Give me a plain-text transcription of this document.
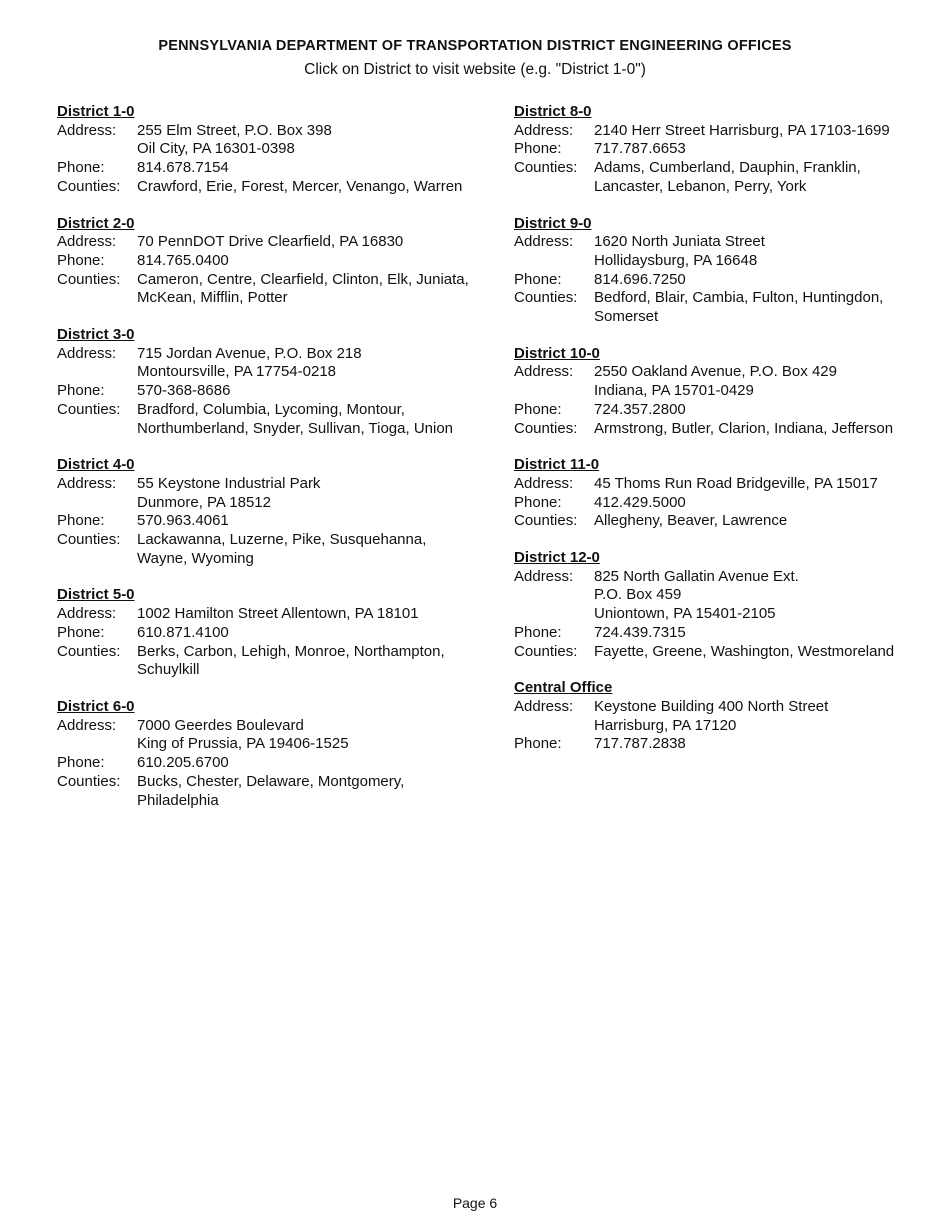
PENNSYLVANIA DEPARTMENT OF TRANSPORTATION DISTRICT ENGINEERING OFFICES
Click on District to visit website (e.g. "District 1-0")
District 1-0
Address:	255 Elm Street, P.O. Box 398
Oil City, PA 16301-0398
Phone:	814.678.7154
Counties:	Crawford, Erie, Forest, Mercer, Venango, Warren
District 2-0
Address:	70 PennDOT Drive Clearfield, PA 16830
Phone:	814.765.0400
Counties:	Cameron, Centre, Clearfield, Clinton, Elk, Juniata, McKean, Mifflin, Potter
District 3-0
Address:	715 Jordan Avenue, P.O. Box 218
Montoursville, PA 17754-0218
Phone:	570-368-8686
Counties:	Bradford, Columbia, Lycoming, Montour, Northumberland, Snyder, Sullivan, Tioga, Union
District 4-0
Address:	55 Keystone Industrial Park
Dunmore, PA 18512
Phone:	570.963.4061
Counties:	Lackawanna, Luzerne, Pike, Susquehanna, Wayne, Wyoming
District 5-0
Address:	1002 Hamilton Street Allentown, PA 18101
Phone:	610.871.4100
Counties:	Berks, Carbon, Lehigh, Monroe, Northampton, Schuylkill
District 6-0
Address:	7000 Geerdes Boulevard
King of Prussia, PA 19406-1525
Phone:	610.205.6700
Counties:	Bucks, Chester, Delaware, Montgomery, Philadelphia
District 8-0
Address:	2140 Herr Street Harrisburg, PA 17103-1699
Phone:	717.787.6653
Counties:	Adams, Cumberland, Dauphin, Franklin, Lancaster, Lebanon, Perry, York
District 9-0
Address:	1620 North Juniata Street
Hollidaysburg, PA 16648
Phone:	814.696.7250
Counties:	Bedford, Blair, Cambia, Fulton, Huntingdon, Somerset
District 10-0
Address:	2550 Oakland Avenue, P.O. Box 429
Indiana, PA 15701-0429
Phone:	724.357.2800
Counties:	Armstrong, Butler, Clarion, Indiana, Jefferson
District 11-0
Address:	45 Thoms Run Road Bridgeville, PA 15017
Phone:	412.429.5000
Counties:	Allegheny, Beaver, Lawrence
District 12-0
Address:	825 North Gallatin Avenue Ext.
P.O. Box 459
Uniontown, PA 15401-2105
Phone:	724.439.7315
Counties:	Fayette, Greene, Washington, Westmoreland
Central Office
Address:	Keystone Building 400 North Street
Harrisburg, PA 17120
Phone:	717.787.2838
Page 6
